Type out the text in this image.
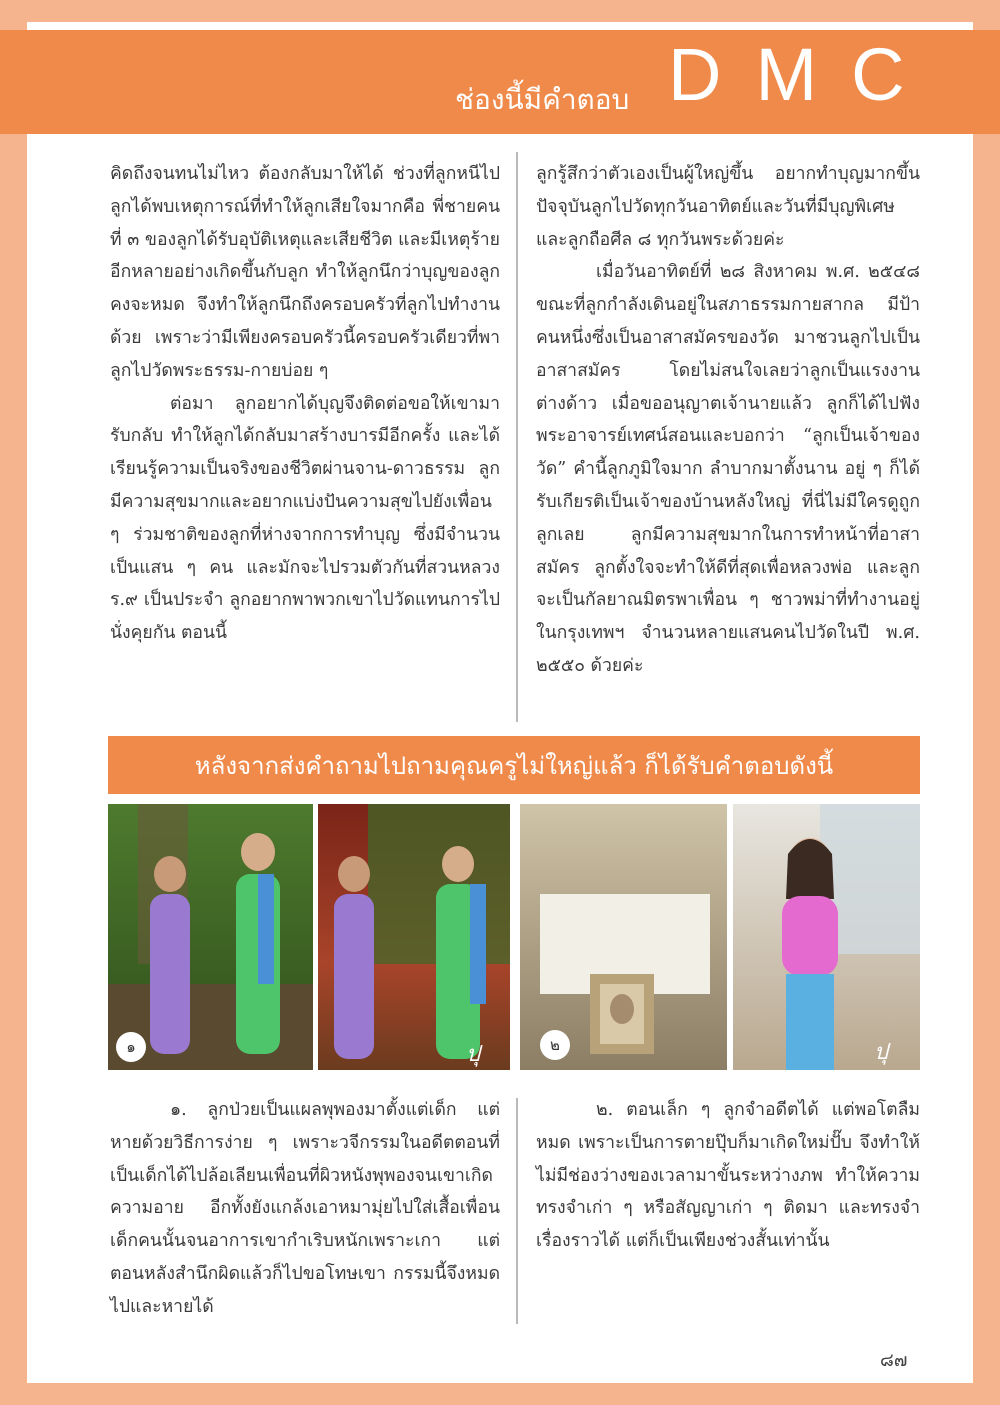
ช่องนี้มีคำตอบ DMC

คิดถึงจนทนไม่ไหว ต้องกลับมาให้ได้ ช่วงที่ลูกหนีไป ลูกได้พบเหตุการณ์ที่ทำให้ลูกเสียใจมากคือ พี่ชายคนที่ ๓ ของลูกได้รับอุบัติเหตุและเสียชีวิต และมีเหตุร้ายอีกหลายอย่างเกิดขึ้นกับลูก ทำให้ลูกนึกว่าบุญของลูกคงจะหมด จึงทำให้ลูกนึกถึงครอบครัวที่ลูกไปทำงานด้วย เพราะว่ามีเพียงครอบครัวนี้ครอบครัวเดียวที่พาลูกไปวัดพระธรรม-กายบ่อย ๆ

ต่อมา ลูกอยากได้บุญจึงติดต่อขอให้เขามารับกลับ ทำให้ลูกได้กลับมาสร้างบารมีอีกครั้ง และได้เรียนรู้ความเป็นจริงของชีวิตผ่านจาน-ดาวธรรม ลูกมีความสุขมากและอยากแบ่งปันความสุขไปยังเพื่อน ๆ ร่วมชาติของลูกที่ห่างจากการทำบุญ ซึ่งมีจำนวนเป็นแสน ๆ คน และมักจะไปรวมตัวกันที่สวนหลวง ร.๙ เป็นประจำ ลูกอยากพาพวกเขาไปวัดแทนการไปนั่งคุยกัน ตอนนี้

ลูกรู้สึกว่าตัวเองเป็นผู้ใหญ่ขึ้น อยากทำบุญมากขึ้น ปัจจุบันลูกไปวัดทุกวันอาทิตย์และวันที่มีบุญพิเศษ และลูกถือศีล ๘ ทุกวันพระด้วยค่ะ

เมื่อวันอาทิตย์ที่ ๒๘ สิงหาคม พ.ศ. ๒๕๔๘ ขณะที่ลูกกำลังเดินอยู่ในสภาธรรมกายสากล มีป้าคนหนึ่งซึ่งเป็นอาสาสมัครของวัด มาชวนลูกไปเป็นอาสาสมัคร โดยไม่สนใจเลยว่าลูกเป็นแรงงานต่างด้าว เมื่อขออนุญาตเจ้านายแล้ว ลูกก็ได้ไปฟังพระอาจารย์เทศน์สอนและบอกว่า “ลูกเป็นเจ้าของวัด” คำนี้ลูกภูมิใจมาก ลำบากมาตั้งนาน อยู่ ๆ ก็ได้รับเกียรติเป็นเจ้าของบ้านหลังใหญ่ ที่นี่ไม่มีใครดูถูกลูกเลย ลูกมีความสุขมากในการทำหน้าที่อาสาสมัคร ลูกตั้งใจจะทำให้ดีที่สุดเพื่อหลวงพ่อ และลูกจะเป็นกัลยาณมิตรพาเพื่อน ๆ ชาวพม่าที่ทำงานอยู่ในกรุงเทพฯ จำนวนหลายแสนคนไปวัดในปี พ.ศ. ๒๕๕๐ ด้วยค่ะ

หลังจากส่งคำถามไปถามคุณครูไม่ใหญ่แล้ว ก็ได้รับคำตอบดังนี้
๑	ปุ	๒	ปุ

๑. ลูกป่วยเป็นแผลพุพองมาตั้งแต่เด็ก แต่หายด้วยวิธีการง่าย ๆ เพราะวจีกรรมในอดีตตอนที่เป็นเด็กได้ไปล้อเลียนเพื่อนที่ผิวหนังพุพองจนเขาเกิดความอาย อีกทั้งยังแกล้งเอาหมามุ่ยไปใส่เสื้อเพื่อนเด็กคนนั้นจนอาการเขากำเริบหนักเพราะเกา แต่ตอนหลังสำนึกผิดแล้วก็ไปขอโทษเขา กรรมนี้จึงหมดไปและหายได้

๒. ตอนเล็ก ๆ ลูกจำอดีตได้ แต่พอโตลืมหมด เพราะเป็นการตายปุ๊บก็มาเกิดใหม่ปั๊บ จึงทำให้ไม่มีช่องว่างของเวลามาขั้นระหว่างภพ ทำให้ความทรงจำเก่า ๆ หรือสัญญาเก่า ๆ ติดมา และทรงจำเรื่องราวได้ แต่ก็เป็นเพียงช่วงสั้นเท่านั้น

๘๗
